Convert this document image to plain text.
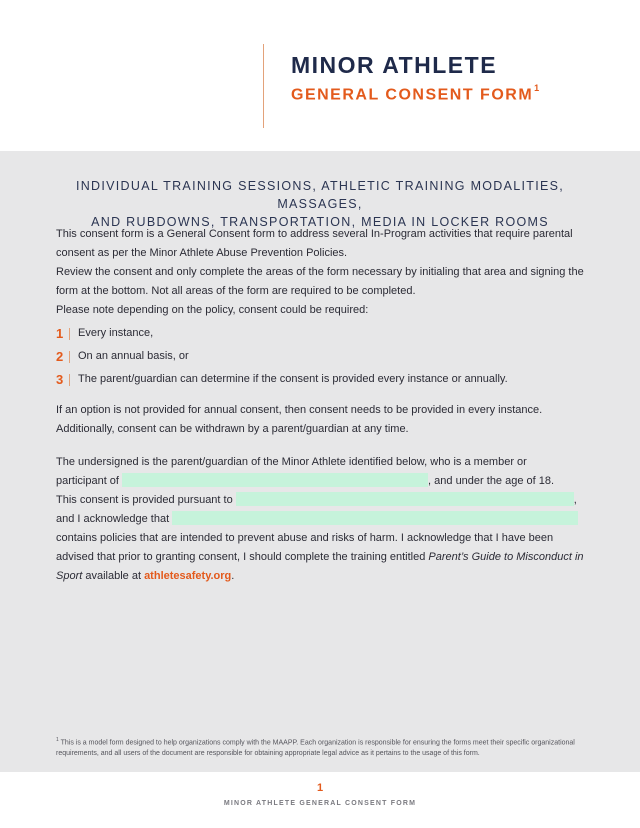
MINOR ATHLETE
GENERAL CONSENT FORM$^1$
INDIVIDUAL TRAINING SESSIONS, ATHLETIC TRAINING MODALITIES, MASSAGES,
AND RUBDOWNS, TRANSPORTATION, MEDIA IN LOCKER ROOMS

This consent form is a General Consent form to address several In-Program activities that require parental consent as per the Minor Athlete Abuse Prevention Policies.

Review the consent and only complete the areas of the form necessary by initialing that area and signing the form at the bottom. Not all areas of the form are required to be completed.

Please note depending on the policy, consent could be required:

1 Every instance,
2 On an annual basis, or
3 The parent/guardian can determine if the consent is provided every instance or annually.

If an option is not provided for annual consent, then consent needs to be provided in every instance. Additionally, consent can be withdrawn by a parent/guardian at any time.

The undersigned is the parent/guardian of the Minor Athlete identified below, who is a member or
participant of	, and under the age of 18.
This consent is provided pursuant to	,
and I acknowledge that
contains policies that are intended to prevent abuse and risks of harm. I acknowledge that I have been advised that prior to granting consent, I should complete the training entitled Parent’s Guide to Misconduct in Sport available at athletesafety.org.

$^1$ This is a model form designed to help organizations comply with the MAAPP. Each organization is responsible for ensuring the forms meet their specific organizational requirements, and all users of the document are responsible for obtaining appropriate legal advice as it pertains to the usage of this form.
1
MINOR ATHLETE GENERAL CONSENT FORM
